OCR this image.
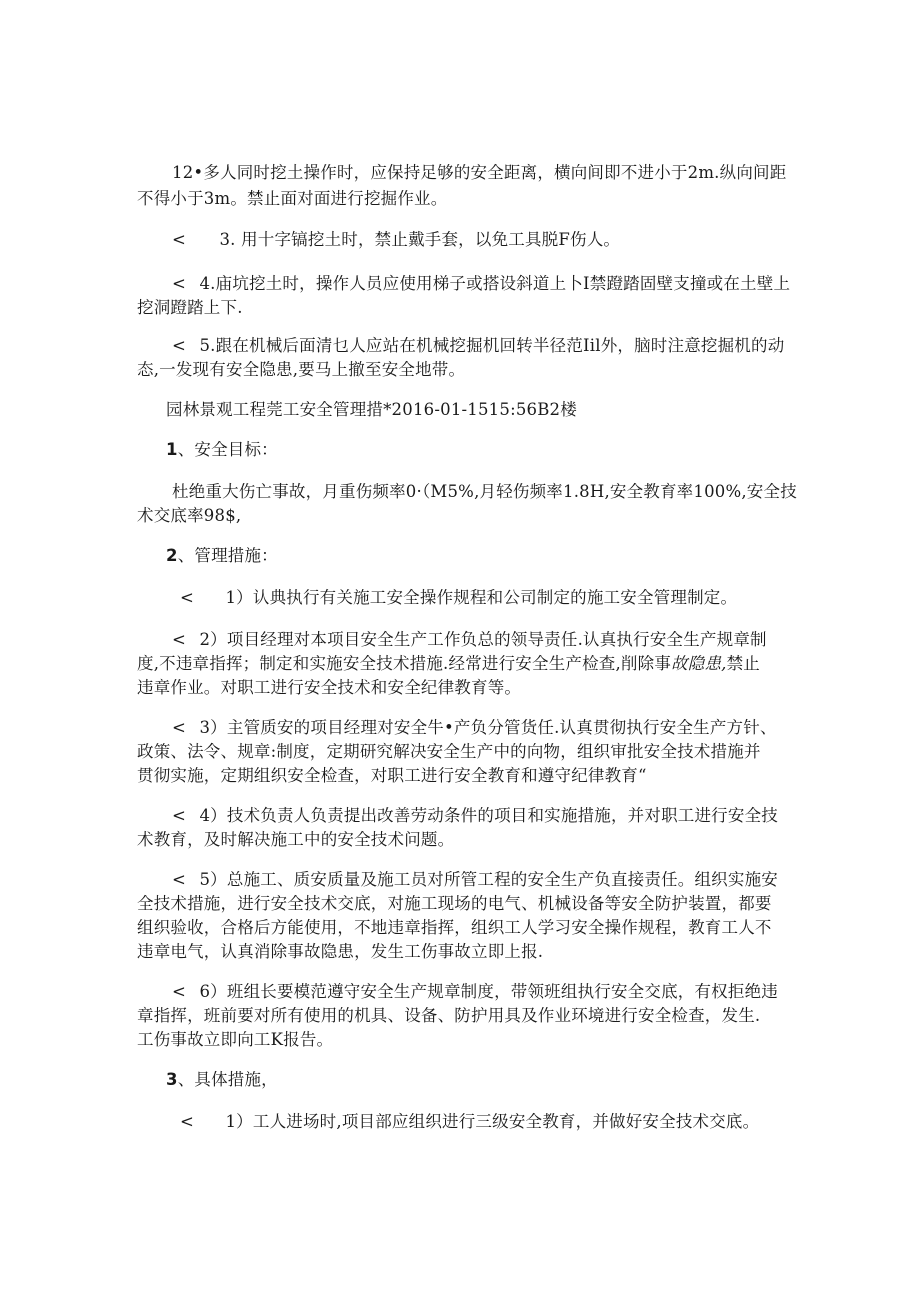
12•多人同时挖土操作时，应保持足够的安全距离，横向间即不进小于2m.纵向间距
不得小于3m。禁止面对面进行挖掘作业。
< 3. 用十字镐挖土时，禁止戴手套，以免工具脱F伤人。
< 4.庙坑挖土时，操作人员应使用梯子或搭设斜道上卜I禁蹬踏固壁支撞或在土壁上
挖洞蹬踏上下.
< 5.跟在机械后面清乜人应站在机械挖掘机回转半径范Iil外，脑时注意挖掘机的动
态,一发现有安全隐患,要马上撤至安全地带。
园林景观工程莞工安全管理措*2016-01-1515:56B2楼
1、安全目标：
杜绝重大伤亡事故，月重伤频率0·（M5%,月轻伤频率1.8H,安全教育率100%,安全技
术交底率98$,
2、管理措施：
< 1）认典执行有关施工安全操作规程和公司制定的施工安全管理制定。
< 2）项目经理对本项目安全生产工作负总的领导责任.认真执行安全生产规章制
度,不违章指挥；制定和实施安全技术措施.经常进行安全生产检查,削除事故隐患,禁止
违章作业。对职工进行安全技术和安全纪律教育等。
< 3）主管质安的项目经理对安全牛•产负分管货任.认真贯彻执行安全生产方针、
政策、法令、规章:制度，定期研究解决安全生产中的向物，组织审批安全技术措施并
贯彻实施，定期组织安全检查，对职工进行安全教育和遵守纪律教育“
< 4）技术负责人负责提出改善劳动条件的项目和实施措施，并对职工进行安全技
术教育，及时解决施工中的安全技术问题。
< 5）总施工、质安质量及施工员对所管工程的安全生产负直接责任。组织实施安
全技术措施，进行安全技术交底，对施工现场的电气、机械设备等安全防护装置，都要
组织验收，合格后方能使用，不地违章指挥，组织工人学习安全操作规程，教育工人不
违章电气，认真消除事故隐患，发生工伤事故立即上报.
< 6）班组长要模范遵守安全生产规章制度，带领班组执行安全交底，有权拒绝违
章指挥，班前要对所有使用的机具、设备、防护用具及作业环境进行安全检查，发生.
工伤事故立即向工K报告。
3、具体措施，
< 1）工人进场时,项目部应组织进行三级安全教育，并做好安全技术交底。
